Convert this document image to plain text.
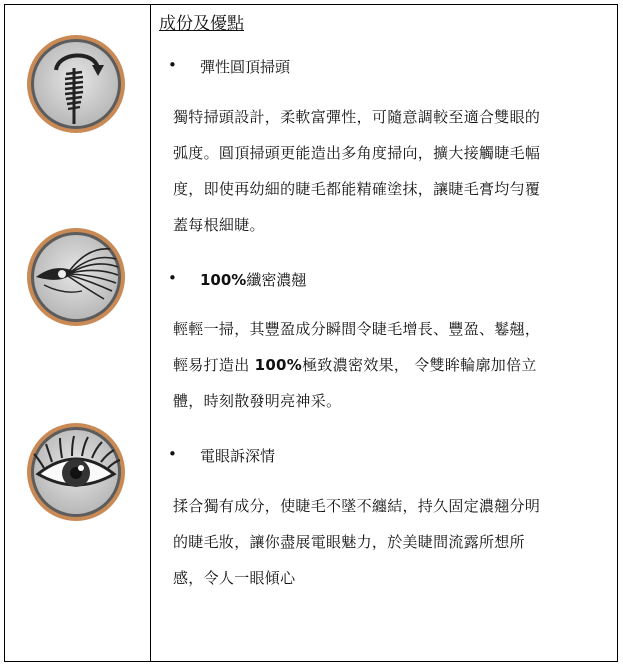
成份及優點
• 彈性圓頂掃頭
獨特掃頭設計，柔軟富彈性，可隨意調較至適合雙眼的
弧度。圓頂掃頭更能造出多角度掃向，擴大接觸睫毛幅
度，即使再幼細的睫毛都能精確塗抹，讓睫毛膏均勻覆
蓋每根細睫。
• 100%纖密濃翹
輕輕一掃，其豐盈成分瞬間令睫毛增長、豐盈、鬈翹，
輕易打造出 100%極致濃密效果， 令雙眸輪廓加倍立
體，時刻散發明亮神采。
• 電眼訴深情
揉合獨有成分，使睫毛不墜不纏結，持久固定濃翹分明
的睫毛妝，讓你盡展電眼魅力，於美睫間流露所想所
感，令人一眼傾心
